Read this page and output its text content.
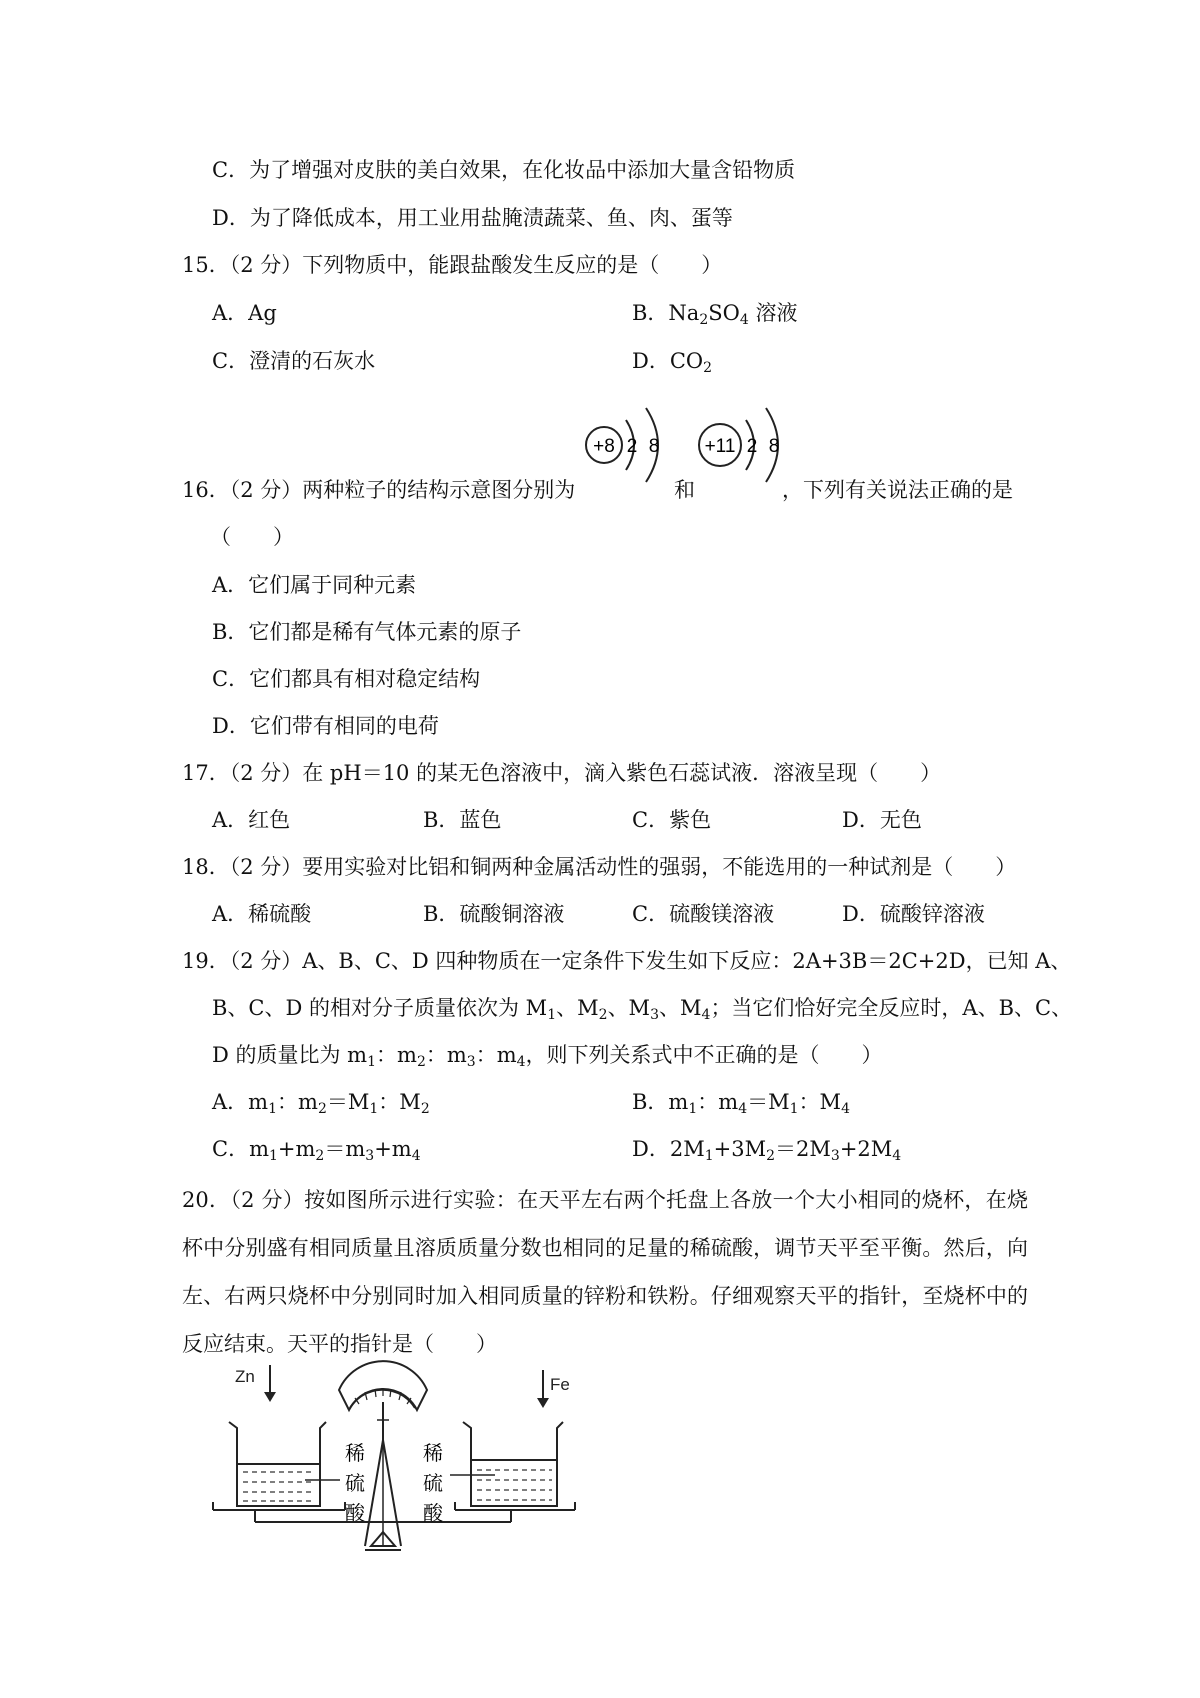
C．为了增强对皮肤的美白效果，在化妆品中添加大量含铅物质
D．为了降低成本，用工业用盐腌渍蔬菜、鱼、肉、蛋等
15．（2 分）下列物质中，能跟盐酸发生反应的是（　　）
A．Ag	B．$Na_2SO_4$ 溶液
C．澄清的石灰水	D．$CO_2$
16．（2 分）两种粒子的结构示意图分别为	和	，下列有关说法正确的是
（　　）
+8 2 8 +11 2 8
A．它们属于同种元素
B．它们都是稀有气体元素的原子
C．它们都具有相对稳定结构
D．它们带有相同的电荷
17．（2 分）在 pH＝10 的某无色溶液中，滴入紫色石蕊试液．溶液呈现（　　）
A．红色	B．蓝色	C．紫色	D．无色
18．（2 分）要用实验对比铝和铜两种金属活动性的强弱，不能选用的一种试剂是（　　）
A．稀硫酸	B．硫酸铜溶液	C．硫酸镁溶液	D．硫酸锌溶液
19．（2 分）A、B、C、D 四种物质在一定条件下发生如下反应：2A+3B＝2C+2D，已知 A、
B、C、D 的相对分子质量依次为 $M_1$、$M_2$、$M_3$、$M_4$；当它们恰好完全反应时，A、B、C、
D 的质量比为 $m_1$：$m_2$：$m_3$：$m_4$，则下列关系式中不正确的是（　　）
A．$m_1$：$m_2=M_1$：$M_2$	B．$m_1$：$m_4=M_1$：$M_4$
C．$m_1+m_2=m_3+m_4$	D．$2M_1+3M_2=2M_3+2M_4$
20．（2 分）按如图所示进行实验：在天平左右两个托盘上各放一个大小相同的烧杯，在烧杯中分别盛有相同质量且溶质质量分数也相同的足量的稀硫酸，调节天平至平衡。然后，向左、右两只烧杯中分别同时加入相同质量的锌粉和铁粉。仔细观察天平的指针，至烧杯中的反应结束。天平的指针是（　　）
Zn	Fe
稀
硫
酸
稀
硫
酸
